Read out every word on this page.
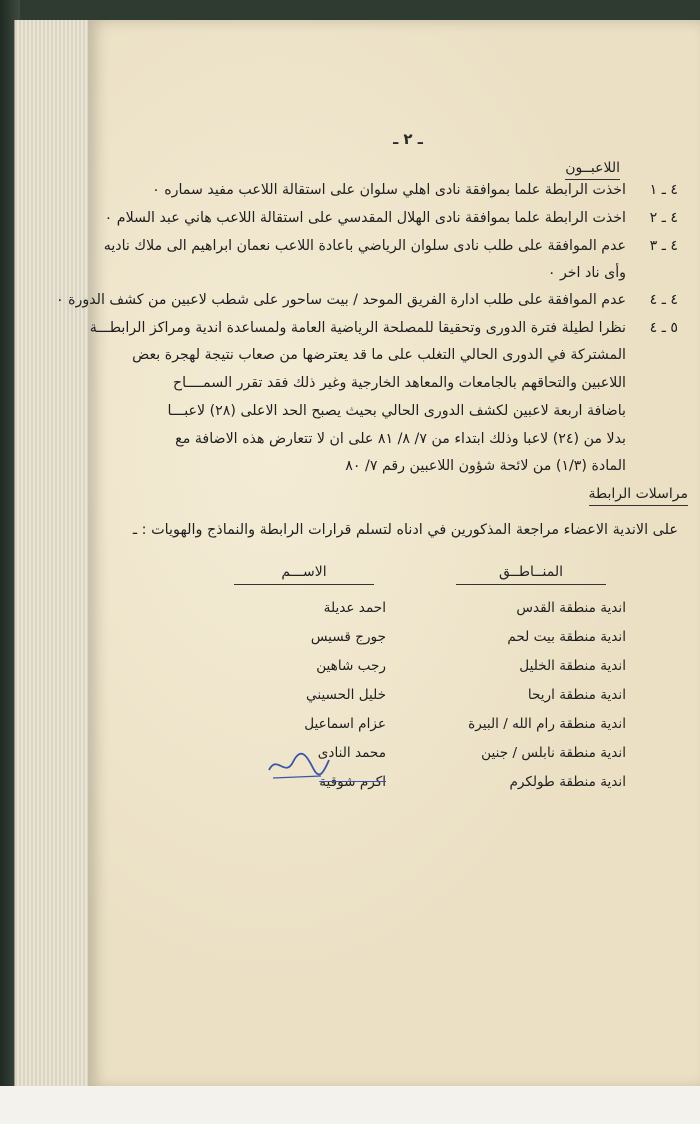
ـ ٢ ـ
اللاعبــون
٤ ـ ١اخذت الرابطة علما بموافقة نادى اهلي سلوان على استقالة اللاعب مفيد سماره ٠
٤ ـ ٢اخذت الرابطة علما بموافقة نادى الهلال المقدسي على استقالة اللاعب هاني عبد السلام ٠
٤ ـ ٣عدم الموافقة على طلب نادى سلوان الرياضي باعادة اللاعب نعمان ابراهيم الى ملاك ناديه
وأى ناد اخر ٠
٤ ـ ٤عدم الموافقة على طلب ادارة الفريق الموحد / بيت ساحور على شطب لاعبين من كشف الدورة ٠
٥ ـ ٤نظرا لطيلة فترة الدورى وتحقيقا للمصلحة الرياضية العامة ولمساعدة اندية ومراكز الرابطـــة
المشتركة في الدورى الحالي التغلب على ما قد يعترضها من صعاب نتيجة لهجرة بعض
اللاعبين والتحاقهم بالجامعات والمعاهد الخارجية وغير ذلك فقد تقرر السمــــاح
باضافة اربعة لاعبين لكشف الدورى الحالي بحيث يصبح الحد الاعلى (٢٨) لاعبـــا
بدلا من (٢٤) لاعبا وذلك ابتداء من ٧/ ٨/ ٨١ على ان لا تتعارض هذه الاضافة مع
المادة (١/٣) من لائحة شؤون اللاعبين رقم ٧/ ٨٠
مراسلات الرابطة
على الاندية الاعضاء مراجعة المذكورين في ادناه لتسلم قرارات الرابطة والنماذج والهويات : ـ
المنــاطــق
الاســـم
اندية منطقة القدس
اندية منطقة بيت لحم
اندية منطقة الخليل
اندية منطقة اريحا
اندية منطقة رام الله / البيرة
اندية منطقة نابلس / جنين
اندية منطقة طولكرم
احمد عديلة
جورج قسيس
رجب شاهين
خليل الحسيني
عزام اسماعيل
محمد النادى
اكرم شوقية
